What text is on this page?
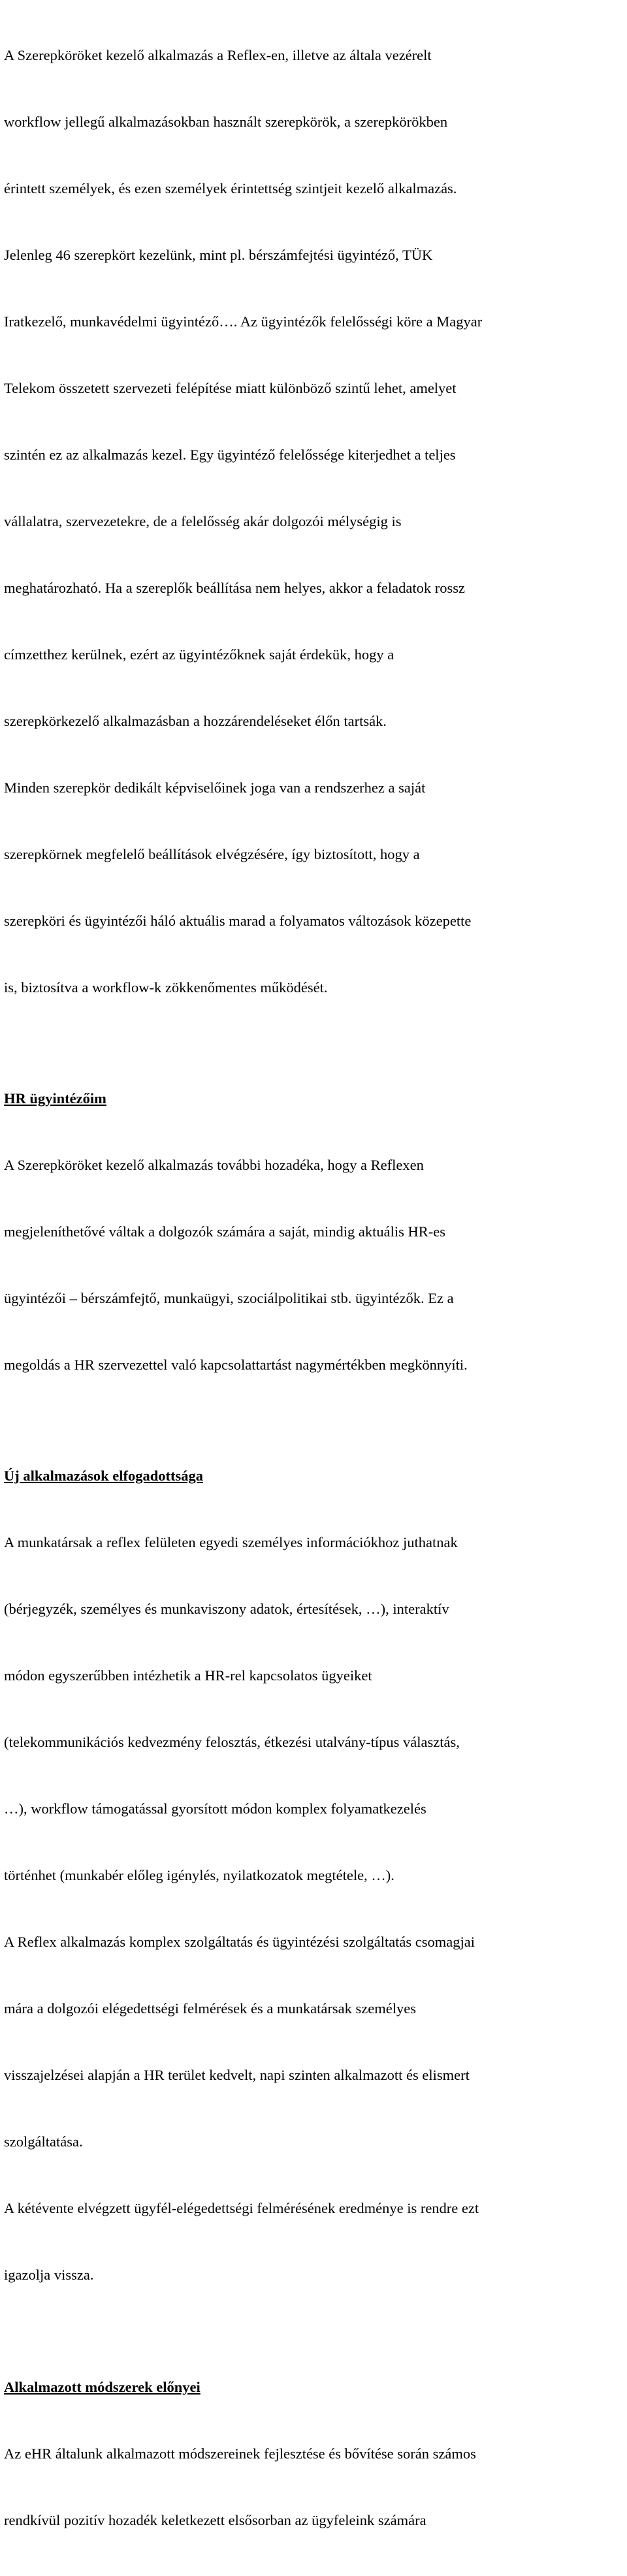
A Szerepköröket kezelő alkalmazás a Reflex-en, illetve az általa vezérelt

workflow jellegű alkalmazásokban használt szerepkörök, a szerepkörökben

érintett személyek, és ezen személyek érintettség szintjeit kezelő alkalmazás.

Jelenleg 46 szerepkört kezelünk, mint pl. bérszámfejtési ügyintéző, TÜK

Iratkezelő, munkavédelmi ügyintéző…. Az ügyintézők felelősségi köre a Magyar

Telekom összetett szervezeti felépítése miatt különböző szintű lehet, amelyet

szintén ez az alkalmazás kezel. Egy ügyintéző felelőssége kiterjedhet a teljes

vállalatra, szervezetekre, de a felelősség akár dolgozói mélységig is

meghatározható. Ha a szereplők beállítása nem helyes, akkor a feladatok rossz

címzetthez kerülnek, ezért az ügyintézőknek saját érdekük, hogy a

szerepkörkezelő alkalmazásban a hozzárendeléseket élőn tartsák.

Minden szerepkör dedikált képviselőinek joga van a rendszerhez a saját

szerepkörnek megfelelő beállítások elvégzésére, így biztosított, hogy a

szerepköri és ügyintézői háló aktuális marad a folyamatos változások közepette

is, biztosítva a workflow-k zökkenőmentes működését.

HR ügyintézőim

A Szerepköröket kezelő alkalmazás további hozadéka, hogy a Reflexen

megjeleníthetővé váltak a dolgozók számára a saját, mindig aktuális HR-es

ügyintézői – bérszámfejtő, munkaügyi, szociálpolitikai stb. ügyintézők. Ez a

megoldás a HR szervezettel való kapcsolattartást nagymértékben megkönnyíti.

Új alkalmazások elfogadottsága

A munkatársak a reflex felületen egyedi személyes információkhoz juthatnak

(bérjegyzék, személyes és munkaviszony adatok, értesítések, …), interaktív

módon egyszerűbben intézhetik a HR-rel kapcsolatos ügyeiket

(telekommunikációs kedvezmény felosztás, étkezési utalvány-típus választás,

…), workflow támogatással gyorsított módon komplex folyamatkezelés

történhet (munkabér előleg igénylés, nyilatkozatok megtétele, …).

A Reflex alkalmazás komplex szolgáltatás és ügyintézési szolgáltatás csomagjai

mára a dolgozói elégedettségi felmérések és a munkatársak személyes

visszajelzései alapján a HR terület kedvelt, napi szinten alkalmazott és elismert

szolgáltatása.

A kétévente elvégzett ügyfél-elégedettségi felmérésének eredménye is rendre ezt

igazolja vissza.

Alkalmazott módszerek előnyei

Az eHR általunk alkalmazott módszereinek fejlesztése és bővítése során számos

rendkívül pozitív hozadék keletkezett elsősorban az ügyfeleink számára
